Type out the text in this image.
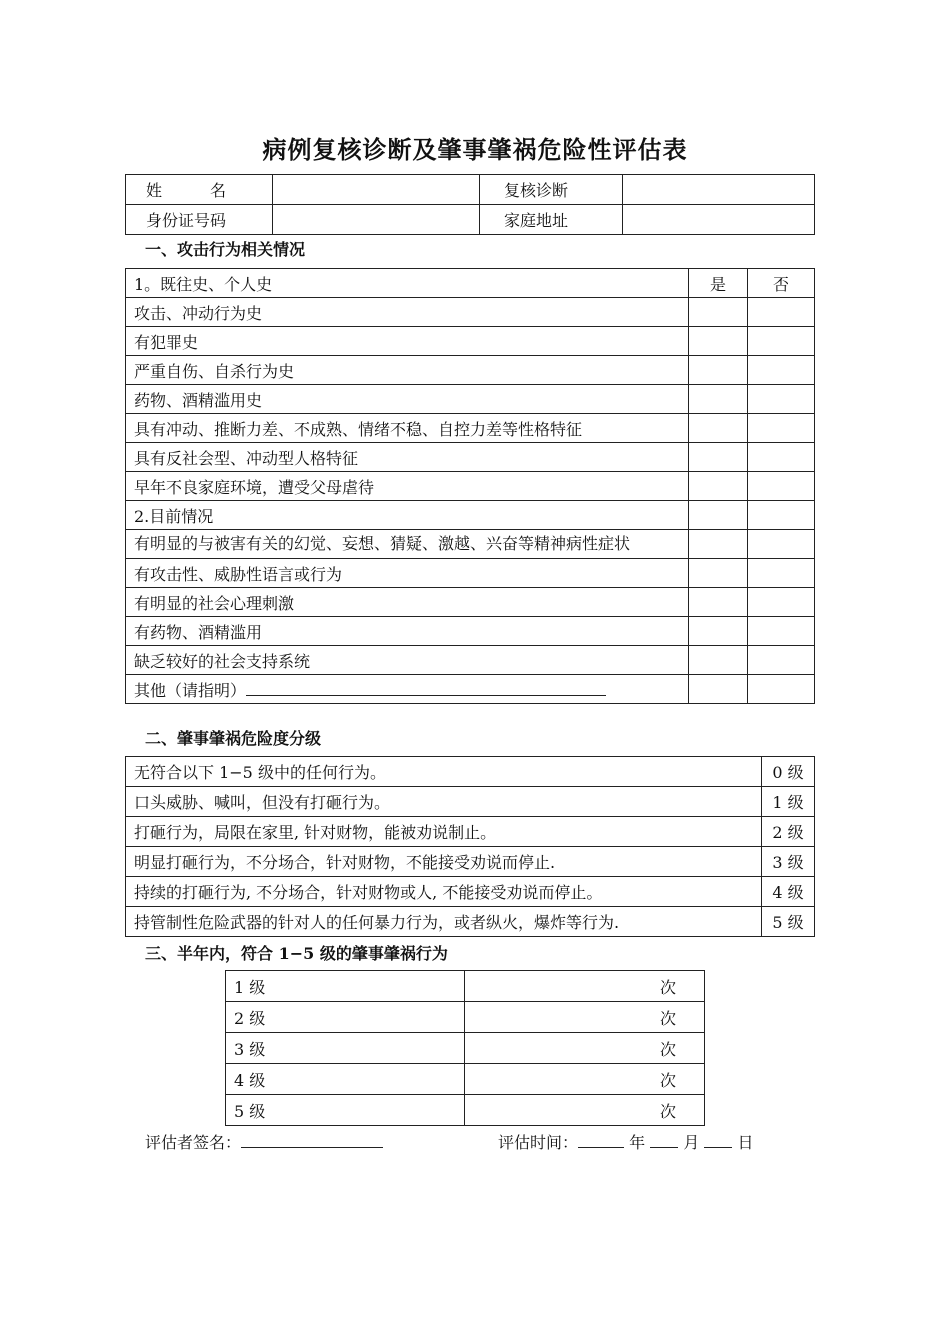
病例复核诊断及肇事肇祸危险性评估表
姓　　　名		复核诊断	
身份证号码		家庭地址	
一、攻击行为相关情况
1。既往史、个人史	是	否
攻击、冲动行为史		
有犯罪史		
严重自伤、自杀行为史		
药物、酒精滥用史		
具有冲动、推断力差、不成熟、情绪不稳、自控力差等性格特征		
具有反社会型、冲动型人格特征		
早年不良家庭环境，遭受父母虐待		
2.目前情况		
有明显的与被害有关的幻觉、妄想、猜疑、激越、兴奋等精神病性症状		
有攻击性、威胁性语言或行为		
有明显的社会心理刺激		
有药物、酒精滥用		
缺乏较好的社会支持系统		
其他（请指明）		
二、肇事肇祸危险度分级
无符合以下 1−5 级中的任何行为。	0 级
口头威胁、喊叫，但没有打砸行为。	1 级
打砸行为，局限在家里, 针对财物，能被劝说制止。	2 级
明显打砸行为，不分场合，针对财物，不能接受劝说而停止.	3 级
持续的打砸行为, 不分场合，针对财物或人, 不能接受劝说而停止。	4 级
持管制性危险武器的针对人的任何暴力行为，或者纵火，爆炸等行为.	5 级
三、半年内，符合 1−5 级的肇事肇祸行为
1 级	次
2 级	次
3 级	次
4 级	次
5 级	次
评估者签名：	评估时间：	年 月 日
